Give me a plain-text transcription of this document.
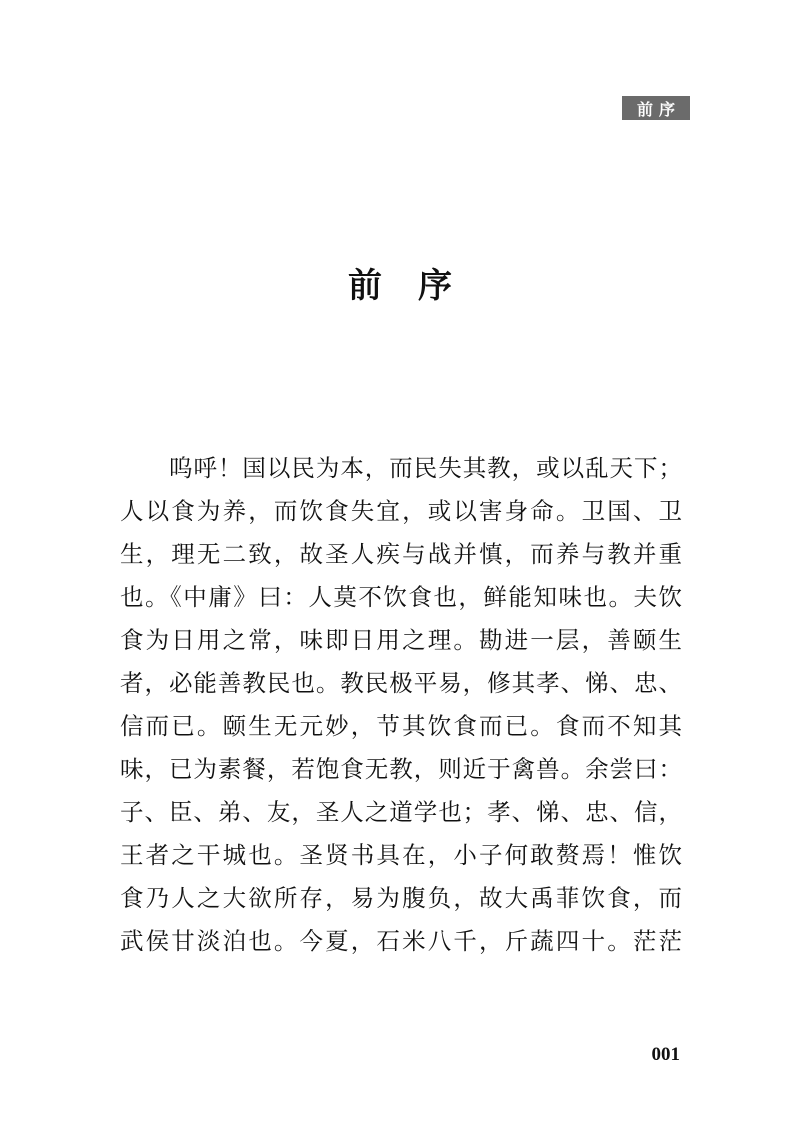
前序
前序
呜呼！国以民为本，而民失其教，或以乱天下；
人以食为养，而饮食失宜，或以害身命。卫国、卫
生，理无二致，故圣人疾与战并慎，而养与教并重
也。《中庸》曰：人莫不饮食也，鲜能知味也。夫饮
食为日用之常，味即日用之理。勘进一层，善颐生
者，必能善教民也。教民极平易，修其孝、悌、忠、
信而已。颐生无元妙，节其饮食而已。食而不知其
味，已为素餐，若饱食无教，则近于禽兽。余尝曰：
子、臣、弟、友，圣人之道学也；孝、悌、忠、信，
王者之干城也。圣贤书具在，小子何敢赘焉！惟饮
食乃人之大欲所存，易为腹负，故大禹菲饮食，而
武侯甘淡泊也。今夏，石米八千，斤蔬四十。茫茫
001
